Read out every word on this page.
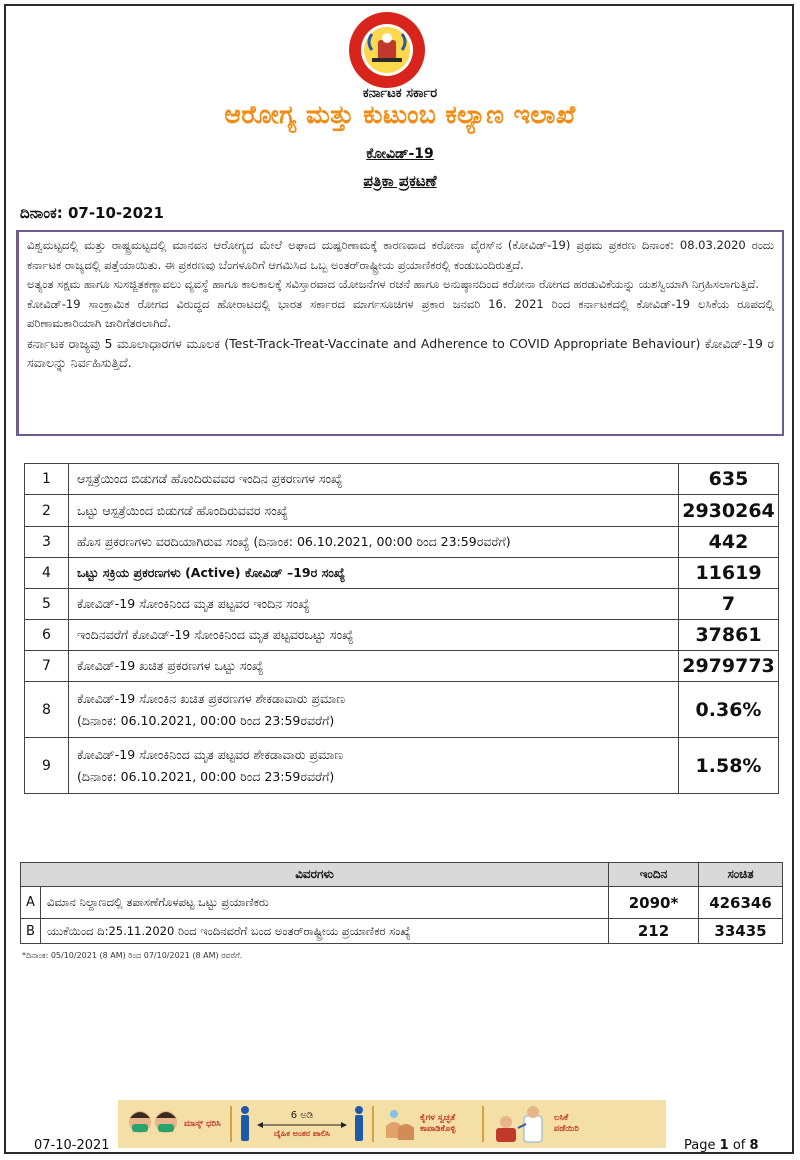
ಕರ್ನಾಟಕ ಸರ್ಕಾರ
ಆರೋಗ್ಯ ಮತ್ತು ಕುಟುಂಬ ಕಲ್ಯಾಣ ಇಲಾಖೆ
ಕೋವಿಡ್-19
ಪತ್ರಿಕಾ ಪ್ರಕಟಣೆ
ದಿನಾಂಕ: 07-10-2021

ವಿಶ್ವಮಟ್ಟದಲ್ಲಿ ಮತ್ತು ರಾಷ್ಟ್ರಮಟ್ಟದಲ್ಲಿ ಮಾನವನ ಆರೋಗ್ಯದ ಮೇಲೆ ಅಘಾದ ದುಷ್ಪರಿಣಾಮಕ್ಕೆ ಕಾರಣವಾದ ಕರೋನಾ ವೈರಸ್‌ನ (ಕೋವಿಡ್-19) ಪ್ರಥಮ ಪ್ರಕರಣ ದಿನಾಂಕ: 08.03.2020 ರಂದು ಕರ್ನಾಟಕ ರಾಜ್ಯದಲ್ಲಿ ಪತ್ತೆಯಾಯಿತು. ಈ ಪ್ರಕರಣವು ಬೆಂಗಳೂರಿಗೆ ಆಗಮಿಸಿದ ಒಬ್ಬ ಅಂತರ್‌ರಾಷ್ಟ್ರೀಯ ಪ್ರಯಾಣಿಕರಲ್ಲಿ ಕಂಡುಬಂದಿರುತ್ತದೆ.

ಅತ್ಯಂತ ಸಕ್ಷಮ ಹಾಗೂ ಸುಸಜ್ಜಿತಕಣ್ಣಾವಲು ವ್ಯವಸ್ಥೆ ಹಾಗೂ ಕಾಲಕಾಲಕ್ಕೆ ಸವಿಸ್ತಾರವಾದ ಯೋಜನೆಗಳ ರಚನೆ ಹಾಗೂ ಅನುಷ್ಠಾನದಿಂದ ಕರೋನಾ ರೋಗದ ಹರಡುವಿಕೆಯನ್ನು ಯಶಸ್ವಿಯಾಗಿ ನಿಗ್ರಹಿಸಲಾಗುತ್ತಿದೆ.

ಕೋವಿಡ್-19 ಸಾಂಕ್ರಾಮಿಕ ರೋಗದ ವಿರುದ್ಧದ ಹೋರಾಟದಲ್ಲಿ ಭಾರತ ಸರ್ಕಾರದ ಮಾರ್ಗಸೂಚಿಗಳ ಪ್ರಕಾರ ಜನವರಿ 16. 2021 ರಿಂದ ಕರ್ನಾಟಕದಲ್ಲಿ ಕೋವಿಡ್-19 ಲಸಿಕೆಯ ರೂಪದಲ್ಲಿ ಪರಿಣಾಮಕಾರಿಯಾಗಿ ಜಾರಿಗೆತರಲಾಗಿದೆ.

ಕರ್ನಾಟಕ ರಾಜ್ಯವು 5 ಮೂಲಾಧಾರಗಳ ಮೂಲಕ (Test-Track-Treat-Vaccinate and Adherence to COVID Appropriate Behaviour) ಕೋವಿಡ್-19 ರ ಸವಾಲನ್ನು ನಿರ್ವಹಿಸುತ್ತಿದೆ.

1	ಆಸ್ಪತ್ರೆಯಿಂದ ಬಿಡುಗಡೆ ಹೊಂದಿರುವವರ ಇಂದಿನ ಪ್ರಕರಣಗಳ ಸಂಖ್ಯೆ	635
2	ಒಟ್ಟು ಆಸ್ಪತ್ರೆಯಿಂದ ಬಿಡುಗಡೆ ಹೊಂದಿರುವವರ ಸಂಖ್ಯೆ	2930264
3	ಹೊಸ ಪ್ರಕರಣಗಳು ವರದಿಯಾಗಿರುವ ಸಂಖ್ಯೆ (ದಿನಾಂಕ: 06.10.2021, 00:00 ರಿಂದ 23:59ರವರೆಗೆ)	442
4	ಒಟ್ಟು ಸಕ್ರಿಯ ಪ್ರಕರಣಗಳು (Active) ಕೋವಿಡ್ –19ರ ಸಂಖ್ಯೆ	11619
5	ಕೋವಿಡ್-19 ಸೋಂಕಿನಿಂದ ಮೃತ ಪಟ್ಟವರ ಇಂದಿನ ಸಂಖ್ಯೆ	7
6	ಇಂದಿನವರೆಗೆ ಕೋವಿಡ್-19 ಸೋಂಕಿನಿಂದ ಮೃತ ಪಟ್ಟವರಒಟ್ಟು ಸಂಖ್ಯೆ	37861
7	ಕೋವಿಡ್-19 ಖಚಿತ ಪ್ರಕರಣಗಳ ಒಟ್ಟು ಸಂಖ್ಯೆ	2979773
8	ಕೋವಿಡ್-19 ಸೋಂಕಿನ ಖಚಿತ ಪ್ರಕರಣಗಳ ಶೇಕಡಾವಾರು ಪ್ರಮಾಣ
(ದಿನಾಂಕ: 06.10.2021, 00:00 ರಿಂದ 23:59ರವರೆಗೆ)	0.36%
9	ಕೋವಿಡ್-19 ಸೋಂಕಿನಿಂದ ಮೃತ ಪಟ್ಟವರ ಶೇಕಡಾವಾರು ಪ್ರಮಾಣ
(ದಿನಾಂಕ: 06.10.2021, 00:00 ರಿಂದ 23:59ರವರೆಗೆ)	1.58%
ವಿವರಗಳು		ಇಂದಿನ	ಸಂಚಿತ
A	ವಿಮಾನ ನಿಲ್ದಾಣದಲ್ಲಿ ತಪಾಸಣೆಗೊಳಪಟ್ಟ ಒಟ್ಟು ಪ್ರಯಾಣಿಕರು	2090*	426346
B	ಯುಕೆಯಿಂದ ದಿ:25.11.2020 ರಿಂದ ಇಂದಿನವರೆಗೆ ಬಂದ ಅಂತರ್‌ರಾಷ್ಟ್ರೀಯ ಪ್ರಯಾಣಿಕರ ಸಂಖ್ಯೆ	212	33435
*ದಿನಾಂಕ: 05/10/2021 (8 AM) ರಿಂದ 07/10/2021 (8 AM) ರವರೆಗೆ.
ಮಾಸ್ಕ್ ಧರಿಸಿ
6 ಅಡಿ
ದೈಹಿಕ ಅಂತರ ಪಾಲಿಸಿ
ಕೈಗಳ ಸ್ವಚ್ಛತೆ ಕಾಪಾಡಿಕೊಳ್ಳಿ
ಲಸಿಕೆ ಪಡೆಯಿರಿ
07-10-2021	Page 1 of 8
